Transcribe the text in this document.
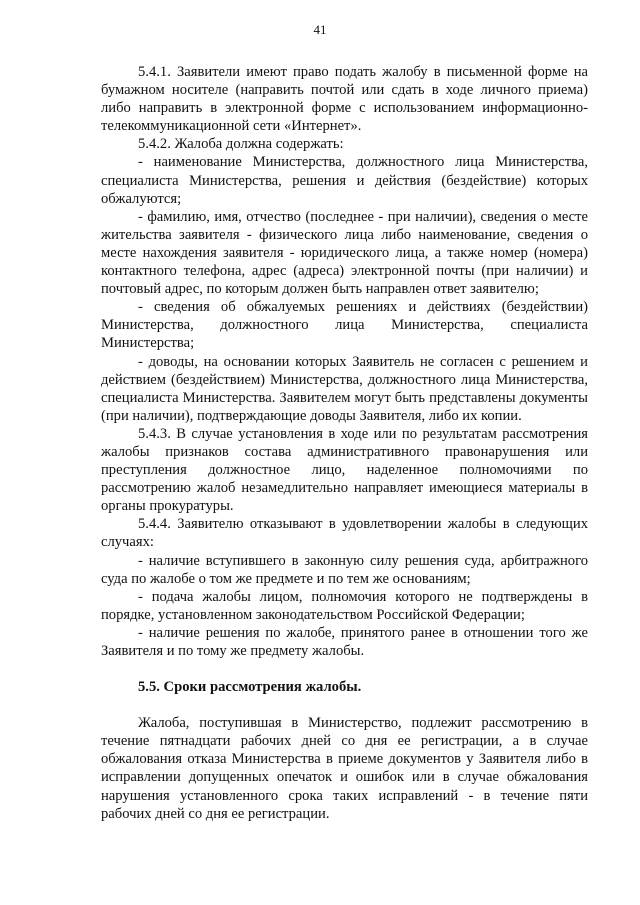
41

5.4.1. Заявители имеют право подать жалобу в письменной форме на бумажном носителе (направить почтой или сдать в ходе личного приема) либо направить в электронной форме с использованием информационно-телекоммуникационной сети «Интернет».

5.4.2. Жалоба должна содержать:

- наименование Министерства, должностного лица Министерства, специалиста Министерства, решения и действия (бездействие) которых обжалуются;

- фамилию, имя, отчество (последнее - при наличии), сведения о месте жительства заявителя - физического лица либо наименование, сведения о месте нахождения заявителя - юридического лица, а также номер (номера) контактного телефона, адрес (адреса) электронной почты (при наличии) и почтовый адрес, по которым должен быть направлен ответ заявителю;

- сведения об обжалуемых решениях и действиях (бездействии) Министерства, должностного лица Министерства, специалиста Министерства;

- доводы, на основании которых Заявитель не согласен с решением и действием (бездействием) Министерства, должностного лица Министерства, специалиста Министерства. Заявителем могут быть представлены документы (при наличии), подтверждающие доводы Заявителя, либо их копии.

5.4.3. В случае установления в ходе или по результатам рассмотрения жалобы признаков состава административного правонарушения или преступления должностное лицо, наделенное полномочиями по рассмотрению жалоб незамедлительно направляет имеющиеся материалы в органы прокуратуры.

5.4.4. Заявителю отказывают в удовлетворении жалобы в следующих случаях:

- наличие вступившего в законную силу решения суда, арбитражного суда по жалобе о том же предмете и по тем же основаниям;

- подача жалобы лицом, полномочия которого не подтверждены в порядке, установленном законодательством Российской Федерации;

- наличие решения по жалобе, принятого ранее в отношении того же Заявителя и по тому же предмету жалобы.

5.5. Сроки рассмотрения жалобы.

Жалоба, поступившая в Министерство, подлежит рассмотрению в течение пятнадцати рабочих дней со дня ее регистрации, а в случае обжалования отказа Министерства в приеме документов у Заявителя либо в исправлении допущенных опечаток и ошибок или в случае обжалования нарушения установленного срока таких исправлений - в течение пяти рабочих дней со дня ее регистрации.
